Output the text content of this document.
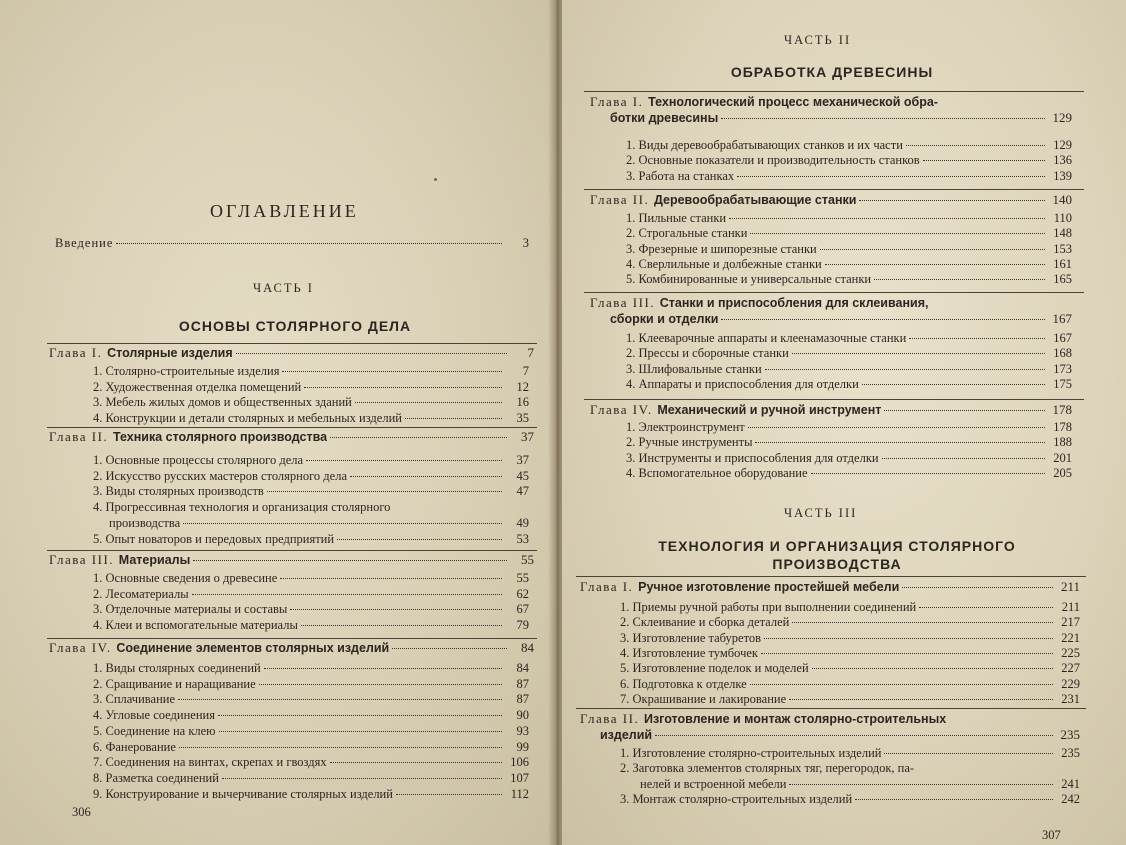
ОГЛАВЛЕНИЕ
Введение	3
ЧАСТЬ I
ОСНОВЫ СТОЛЯРНОГО ДЕЛА
Глава I. Столярные изделия	7
1. Столярно-строительные изделия	7
2. Художественная отделка помещений	12
3. Мебель жилых домов и общественных зданий	16
4. Конструкции и детали столярных и мебельных изделий	35
Глава II. Техника столярного производства	37
1. Основные процессы столярного дела	37
2. Искусство русских мастеров столярного дела	45
3. Виды столярных производств	47
4. Прогрессивная технология и организация столярного
производства	49
5. Опыт новаторов и передовых предприятий	53
Глава III. Материалы	55
1. Основные сведения о древесине	55
2. Лесоматериалы	62
3. Отделочные материалы и составы	67
4. Клеи и вспомогательные материалы	79
Глава IV. Соединение элементов столярных изделий	84
1. Виды столярных соединений	84
2. Сращивание и наращивание	87
3. Сплачивание	87
4. Угловые соединения	90
5. Соединение на клею	93
6. Фанерование	99
7. Соединения на винтах, скрепах и гвоздях	106
8. Разметка соединений	107
9. Конструирование и вычерчивание столярных изделий	112
306
ЧАСТЬ II
ОБРАБОТКА ДРЕВЕСИНЫ
Глава I. Технологический процесс механической обра-
ботки древесины	129
1. Виды деревообрабатывающих станков и их части	129
2. Основные показатели и производительность станков	136
3. Работа на станках	139
Глава II. Деревообрабатывающие станки	140
1. Пильные станки	110
2. Строгальные станки	148
3. Фрезерные и шипорезные станки	153
4. Сверлильные и долбежные станки	161
5. Комбинированные и универсальные станки	165
Глава III. Станки и приспособления для склеивания,
сборки и отделки	167
1. Клееварочные аппараты и клеенамазочные станки	167
2. Прессы и сборочные станки	168
3. Шлифовальные станки	173
4. Аппараты и приспособления для отделки	175
Глава IV. Механический и ручной инструмент	178
1. Электроинструмент	178
2. Ручные инструменты	188
3. Инструменты и приспособления для отделки	201
4. Вспомогательное оборудование	205
ЧАСТЬ III
ТЕХНОЛОГИЯ И ОРГАНИЗАЦИЯ СТОЛЯРНОГО
ПРОИЗВОДСТВА
Глава I. Ручное изготовление простейшей мебели	211
1. Приемы ручной работы при выполнении соединений	211
2. Склеивание и сборка деталей	217
3. Изготовление табуретов	221
4. Изготовление тумбочек	225
5. Изготовление поделок и моделей	227
6. Подготовка к отделке	229
7. Окрашивание и лакирование	231
Глава II. Изготовление и монтаж столярно-строительных
изделий	235
1. Изготовление столярно-строительных изделий	235
2. Заготовка элементов столярных тяг, перегородок, па-
нелей и встроенной мебели	241
3. Монтаж столярно-строительных изделий	242
307
